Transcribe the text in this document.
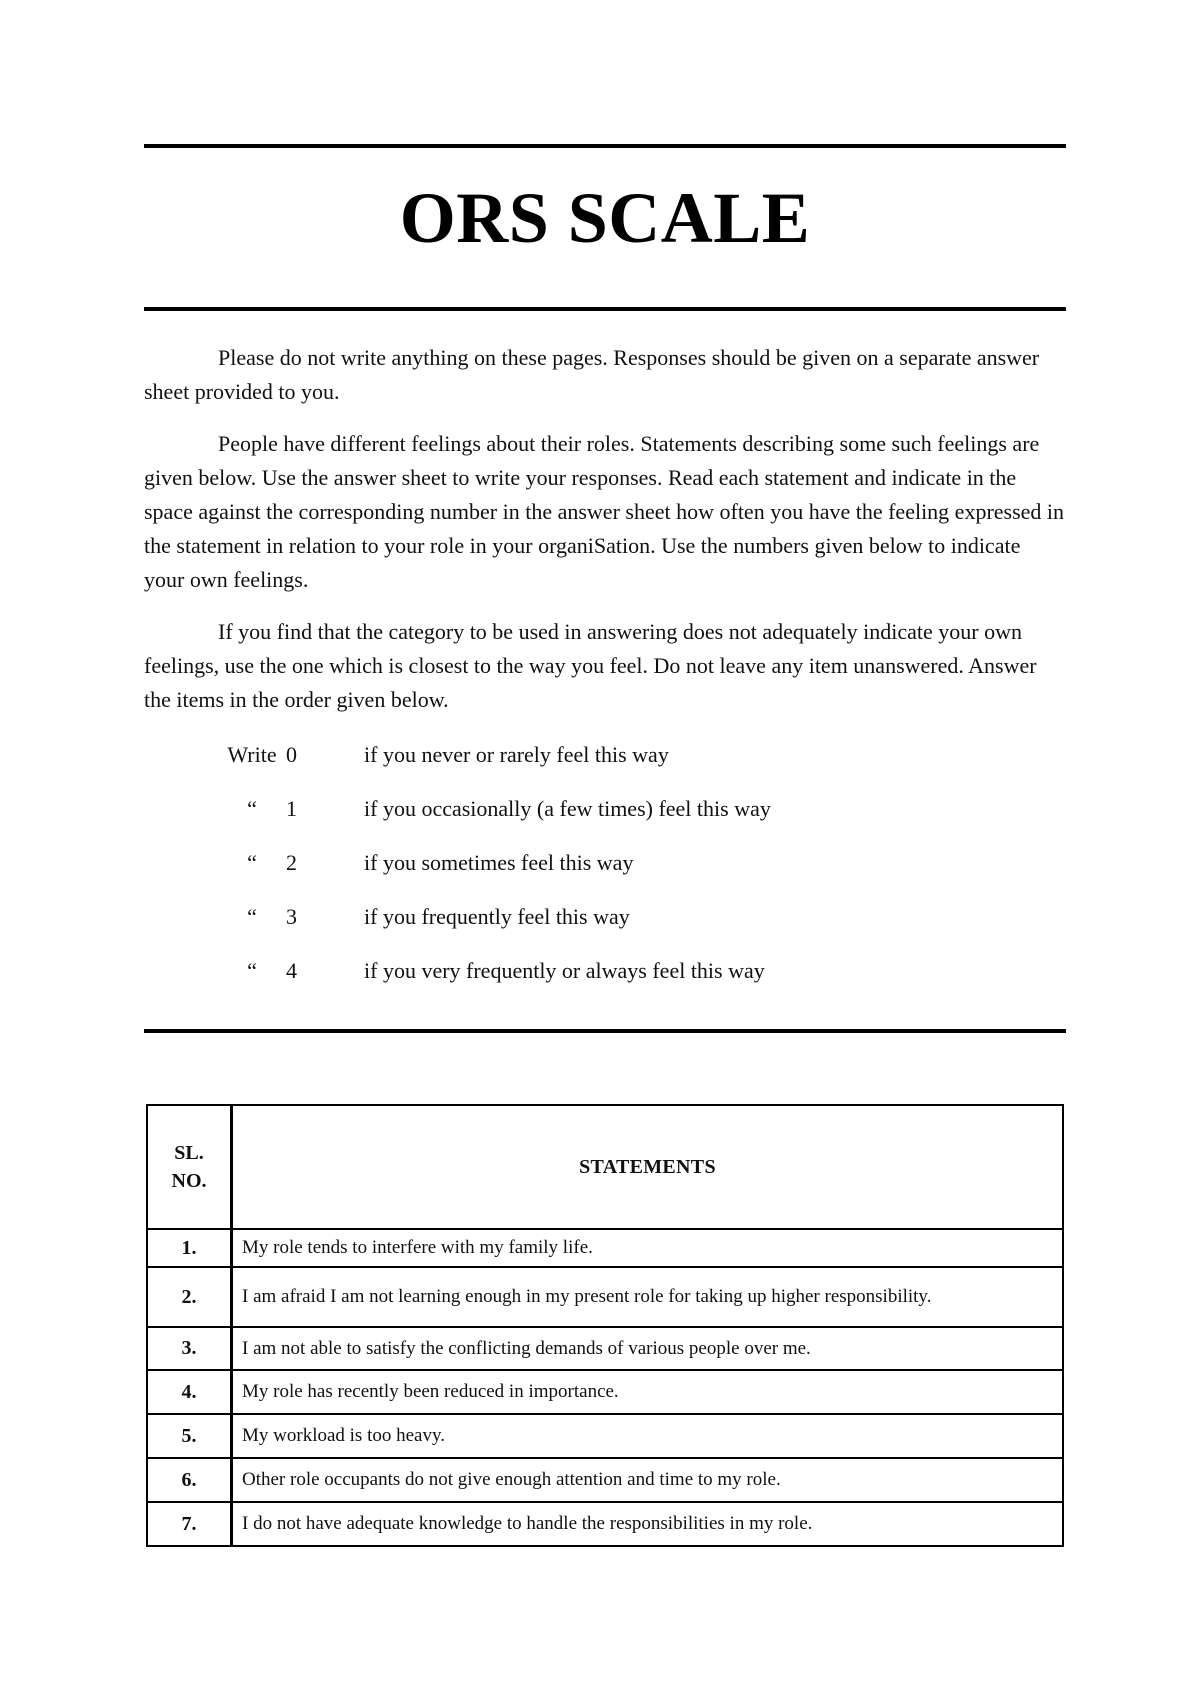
ORS SCALE

Please do not write anything on these pages. Responses should be given on a separate answer sheet provided to you.

People have different feelings about their roles. Statements describing some such feelings are given below. Use the answer sheet to write your responses. Read each statement and indicate in the space against the corresponding number in the answer sheet how often you have the feeling expressed in the statement in relation to your role in your organiSation. Use the numbers given below to indicate your own feelings.

If you find that the category to be used in answering does not adequately indicate your own feelings, use the one which is closest to the way you feel. Do not leave any item unanswered. Answer the items in the order given below.

Write 0	if you never or rarely feel this way
“	1	if you occasionally (a few times) feel this way
“	2	if you sometimes feel this way
“	3	if you frequently feel this way
“	4	if you very frequently or always feel this way
SL.
NO.	STATEMENTS
1.	My role tends to interfere with my family life.
2.	I am afraid I am not learning enough in my present role for taking up higher responsibility.
3.	I am not able to satisfy the conflicting demands of various people over me.
4.	My role has recently been reduced in importance.
5.	My workload is too heavy.
6.	Other role occupants do not give enough attention and time to my role.
7.	I do not have adequate knowledge to handle the responsibilities in my role.
